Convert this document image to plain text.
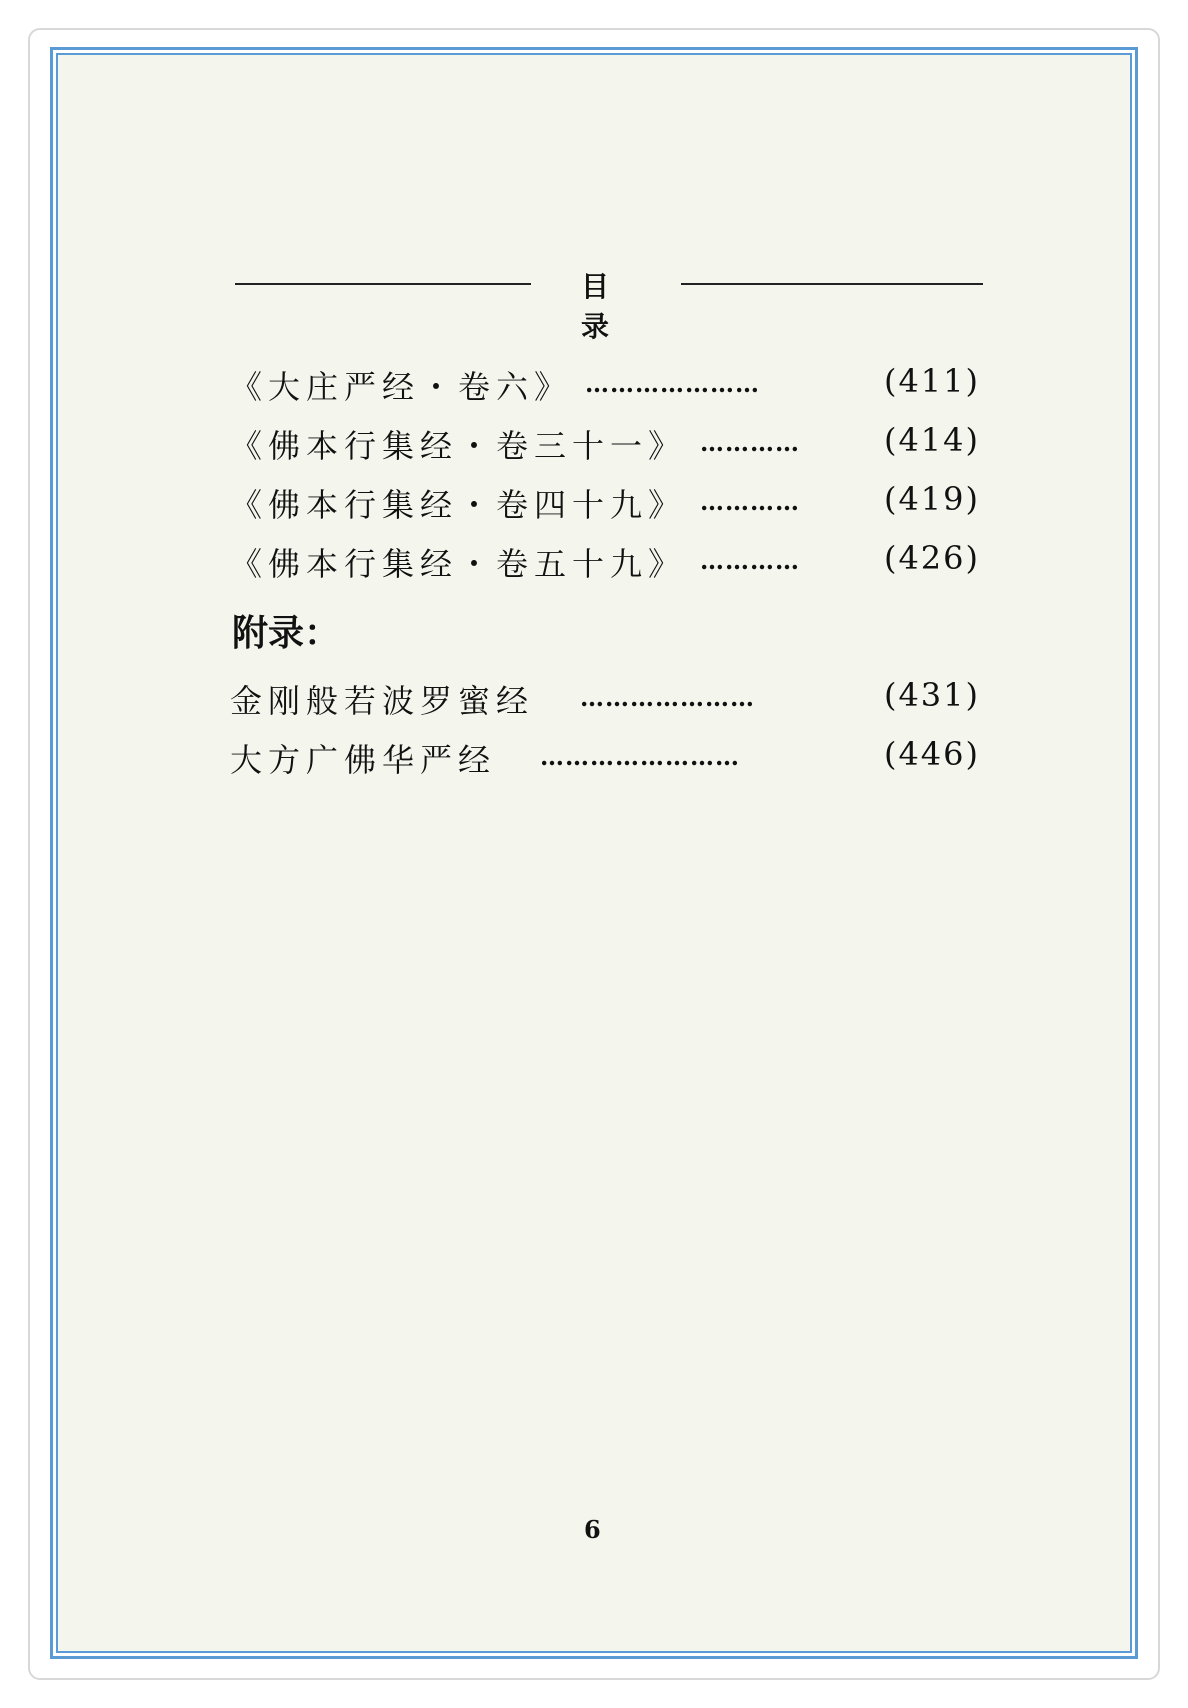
目 录
《大庄严经・卷六》 …………………	(411)
《佛本行集经・卷三十一》 …………	(414)
《佛本行集经・卷四十九》 …………	(419)
《佛本行集经・卷五十九》 …………	(426)
附录：
金刚般若波罗蜜经 …………………	(431)
大方广佛华严经 ……………………	(446)
6
